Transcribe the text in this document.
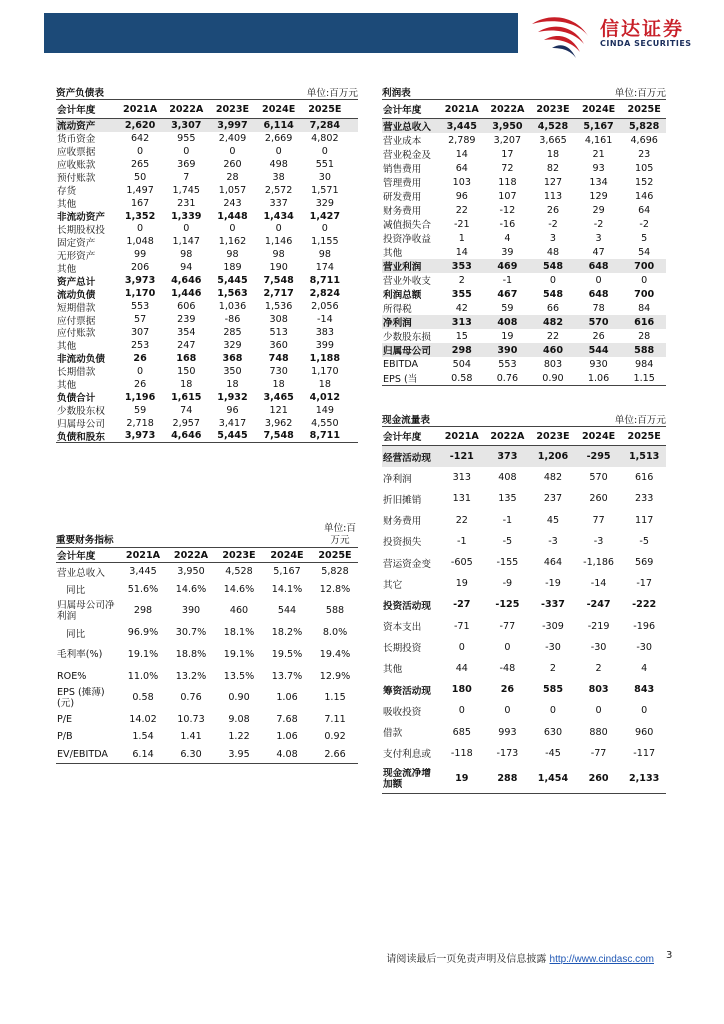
信达证券
CINDA SECURITIES
资产负债表	单位:百万元
会计年度	2021A	2022A	2023E	2024E	2025E
流动资产	2,620	3,307	3,997	6,114	7,284
货币资金	642	955	2,409	2,669	4,802
应收票据	0	0	0	0	0
应收账款	265	369	260	498	551
预付账款	50	7	28	38	30
存货	1,497	1,745	1,057	2,572	1,571
其他	167	231	243	337	329
非流动资产	1,352	1,339	1,448	1,434	1,427
长期股权投	0	0	0	0	0
固定资产	1,048	1,147	1,162	1,146	1,155
无形资产	99	98	98	98	98
其他	206	94	189	190	174
资产总计	3,973	4,646	5,445	7,548	8,711
流动负债	1,170	1,446	1,563	2,717	2,824
短期借款	553	606	1,036	1,536	2,056
应付票据	57	239	-86	308	-14
应付账款	307	354	285	513	383
其他	253	247	329	360	399
非流动负债	26	168	368	748	1,188
长期借款	0	150	350	730	1,170
其他	26	18	18	18	18
负债合计	1,196	1,615	1,932	3,465	4,012
少数股东权	59	74	96	121	149
归属母公司	2,718	2,957	3,417	3,962	4,550
负债和股东	3,973	4,646	5,445	7,548	8,711
利润表	单位:百万元
会计年度	2021A	2022A	2023E	2024E	2025E
营业总收入	3,445	3,950	4,528	5,167	5,828
营业成本	2,789	3,207	3,665	4,161	4,696
营业税金及	14	17	18	21	23
销售费用	64	72	82	93	105
管理费用	103	118	127	134	152
研发费用	96	107	113	129	146
财务费用	22	-12	26	29	64
减值损失合	-21	-16	-2	-2	-2
投资净收益	1	4	3	3	5
其他	14	39	48	47	54
营业利润	353	469	548	648	700
营业外收支	2	-1	0	0	0
利润总额	355	467	548	648	700
所得税	42	59	66	78	84
净利润	313	408	482	570	616
少数股东损	15	19	22	26	28
归属母公司	298	390	460	544	588
EBITDA	504	553	803	930	984
EPS (当	0.58	0.76	0.90	1.06	1.15
重要财务指标
单位:百万元
会计年度	2021A	2022A	2023E	2024E	2025E
营业总收入	3,445	3,950	4,528	5,167	5,828
同比	51.6%	14.6%	14.6%	14.1%	12.8%
归属母公司净利润	298	390	460	544	588
同比	96.9%	30.7%	18.1%	18.2%	8.0%
毛利率(%)	19.1%	18.8%	19.1%	19.5%	19.4%
ROE%	11.0%	13.2%	13.5%	13.7%	12.9%
EPS (摊薄)(元)	0.58	0.76	0.90	1.06	1.15
P/E	14.02	10.73	9.08	7.68	7.11
P/B	1.54	1.41	1.22	1.06	0.92
EV/EBITDA	6.14	6.30	3.95	4.08	2.66
现金流量表	单位:百万元
会计年度	2021A	2022A	2023E	2024E	2025E
经营活动现	-121	373	1,206	-295	1,513
净利润	313	408	482	570	616
折旧摊销	131	135	237	260	233
财务费用	22	-1	45	77	117
投资损失	-1	-5	-3	-3	-5
营运资金变	-605	-155	464	-1,186	569
其它	19	-9	-19	-14	-17
投资活动现	-27	-125	-337	-247	-222
资本支出	-71	-77	-309	-219	-196
长期投资	0	0	-30	-30	-30
其他	44	-48	2	2	4
筹资活动现	180	26	585	803	843
吸收投资	0	0	0	0	0
借款	685	993	630	880	960
支付利息或	-118	-173	-45	-77	-117
现金流净增加额	19	288	1,454	260	2,133
请阅读最后一页免责声明及信息披露 http://www.cindasc.com 3
